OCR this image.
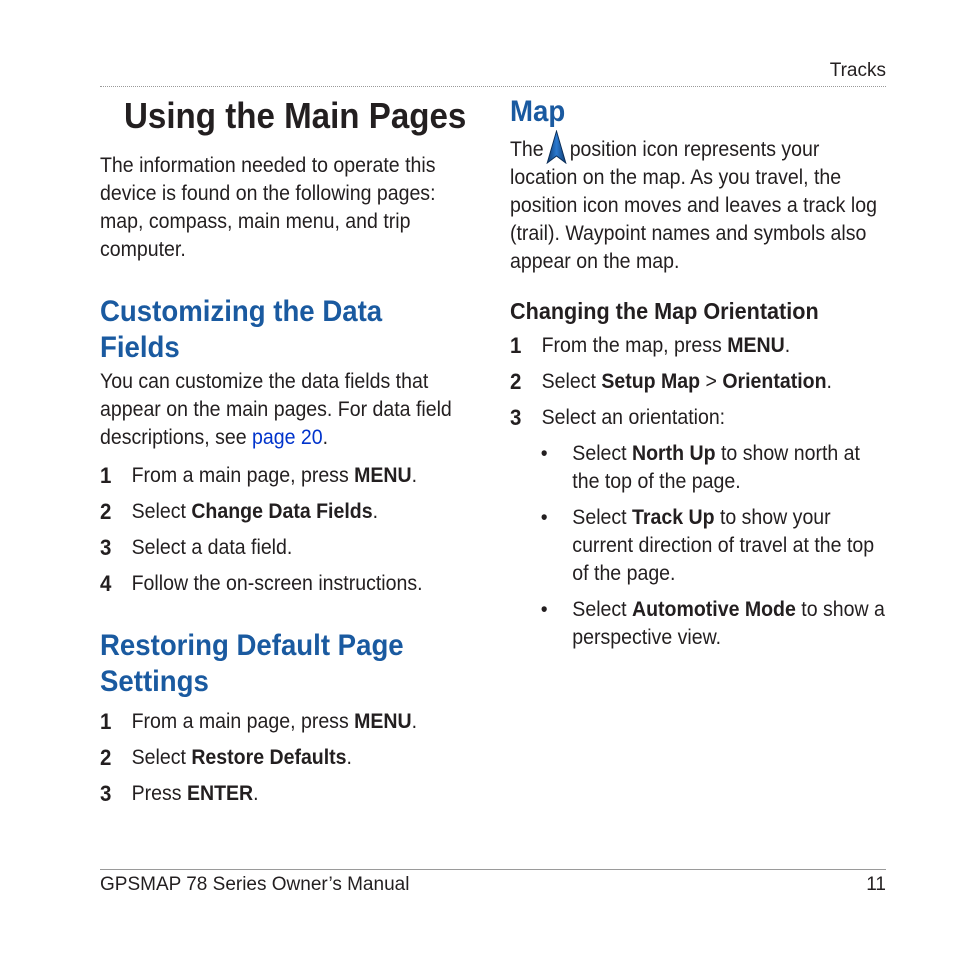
Tracks
Using the Main Pages

The information needed to operate this device is found on the following pages: map, compass, main menu, and trip computer.

Customizing the Data Fields

You can customize the data fields that appear on the main pages. For data field descriptions, see page 20.

1 From a main page, press MENU.
2 Select Change Data Fields.
3 Select a data field.
4 Follow the on-screen instructions.
Restoring Default Page Settings
1 From a main page, press MENU.
2 Select Restore Defaults.
3 Press ENTER.
Map

The position icon represents your location on the map. As you travel, the position icon moves and leaves a track log (trail). Waypoint names and symbols also appear on the map.

Changing the Map Orientation
1 From the map, press MENU.
2 Select Setup Map > Orientation.
3 Select an orientation:
• Select North Up to show north at the top of the page.
• Select Track Up to show your current direction of travel at the top of the page.
• Select Automotive Mode to show a perspective view.
GPSMAP 78 Series Owner’s Manual	11
